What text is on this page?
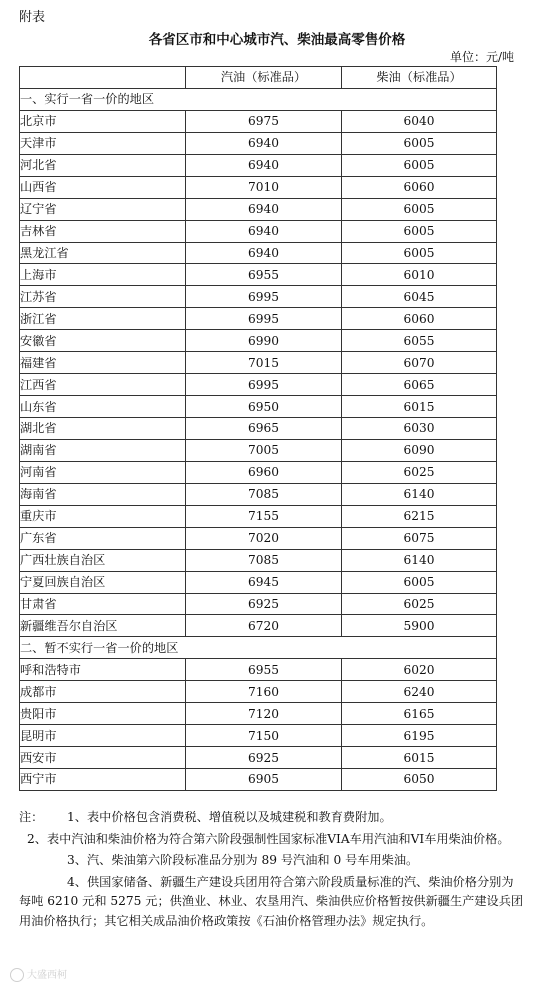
附表
各省区市和中心城市汽、柴油最高零售价格
单位：元/吨
	汽油（标准品）	柴油（标准品）
一、实行一省一价的地区		
北京市	6975	6040
天津市	6940	6005
河北省	6940	6005
山西省	7010	6060
辽宁省	6940	6005
吉林省	6940	6005
黑龙江省	6940	6005
上海市	6955	6010
江苏省	6995	6045
浙江省	6995	6060
安徽省	6990	6055
福建省	7015	6070
江西省	6995	6065
山东省	6950	6015
湖北省	6965	6030
湖南省	7005	6090
河南省	6960	6025
海南省	7085	6140
重庆市	7155	6215
广东省	7020	6075
广西壮族自治区	7085	6140
宁夏回族自治区	6945	6005
甘肃省	6925	6025
新疆维吾尔自治区	6720	5900
二、暂不实行一省一价的地区		
呼和浩特市	6955	6020
成都市	7160	6240
贵阳市	7120	6165
昆明市	7150	6195
西安市	6925	6015
西宁市	6905	6050

注： 1、表中价格包含消费税、增值税以及城建税和教育费附加。

2、表中汽油和柴油价格为符合第六阶段强制性国家标准VIA车用汽油和VI车用柴油价格。

3、汽、柴油第六阶段标准品分别为 89 号汽油和 0 号车用柴油。

4、供国家储备、新疆生产建设兵团用符合第六阶段质量标准的汽、柴油价格分别为每吨 6210 元和 5275 元；供渔业、林业、农垦用汽、柴油供应价格暂按供新疆生产建设兵团用油价格执行；其它相关成品油价格政策按《石油价格管理办法》规定执行。

大盛西柯
